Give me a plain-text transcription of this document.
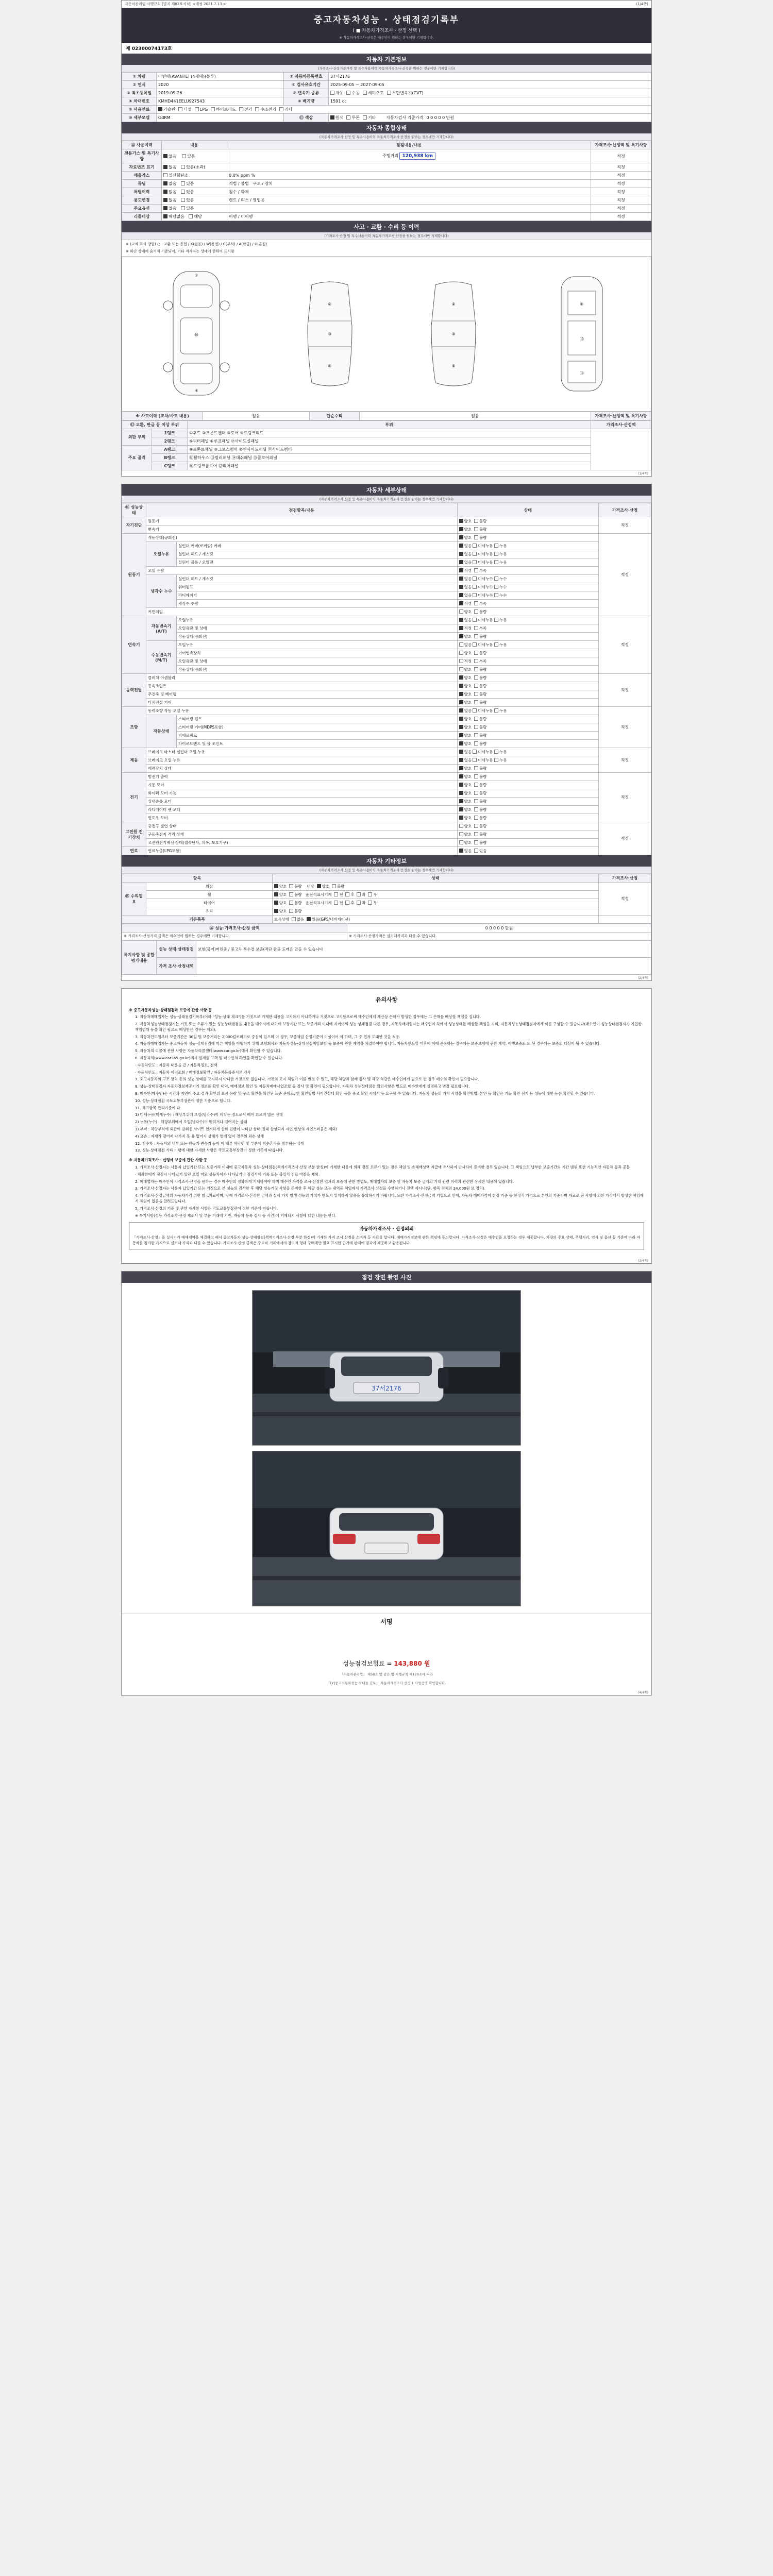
자동차관리법 시행규칙 [별지 제82호서식] <개정 2021.7.13.>	(1/4쪽)
중고자동차성능 · 상태점검기록부
( ■ 자동차가격조사 · 산정 선택 )
※ 자동차가격조사·산정은 매수인이 원하는 경우에만 기재합니다.
제 02300074173호
자동차 기본정보
(가격조사·산정기준가격 및 특수사용이력 자동차가격조사·산정을 원하는 경우에만 기재합니다)
① 차명	아반떼(AVANTE) (4세대)(블루)	② 자동차등록번호	37서2176
② 연식	2020	⑥ 검사유효기간	2025-09-05 ~ 2027-09-05
③ 최초등록일	2019-09-26	⑦ 변속기 종류	자동 수동 세미오토 무단변속기(CVT)

④ 차대번호	KMHD441EELU927543	⑧ 배기량	1591 cc
⑤ 사용연료	가솔린	디젤	LPG	하이브리드	전기	수소전기	기타

⑩ 세부모델	GdRM	⑪ 색상	원색 투톤 기타 자동차검사 기준가격 0 0 0 0 0 만원
자동차 종합상태
(자동차가격조사·산정 및 특수사용이력 자동차가격조사·산정을 원하는 경우에만 기재합니다)
⑫ 사용이력	내용	점검내용/내용	가격조사·산정액 및 특기사항
전용가스 및 특기사항	없음 있음	주행거리 120,938 km	적정
자료변조 표기	없음 있음(초과)		적정
배출가스	일산화탄소	0.0% ppm %	적정
튜닝	없음 있음	적법 / 불법 구조 / 장치	적정
특별이력	없음 있음	침수 / 화재	적정
용도변경	없음 있음	렌트 / 리스 / 영업용	적정
주요옵션	없음 있음		적정
리콜대상	해당없음 해당	이행 / 미이행	적정
사고 · 교환 · 수리 등 이력
(가격조사·산정 및 특수사용이력 자동차가격조사·산정을 원하는 경우에만 기재합니다)
※ (교체 표시 방법) ○ : 교환 또는 용접 / X(없음) / W(용접) / C(부식) / A(판금) / U(흠집)
※ 하단 상태에 숨겨져 기준되어, 기타 격사자는 상태에 한하여 표시함
①
⑩
④
②
③
⑤
②
③
⑤
⑧
⑮
⑯
※ 사고이력 (교차/사고 내용)	없음	단순수리	없음	가격조사·산정액 및 특기사항
⑬ 교환, 판금 등 이상 부위		부위	가격조사·산정액
외판 부위	1랭크	①후드 ②프론트펜더 ③도어 ④트렁크리드	
	2랭크	⑤쿼터패널 ⑥루프패널 ⑦사이드실패널	
주요 골격	A랭크	⑧프론트패널 ⑨크로스멤버 ⑩인사이드패널 ⑪사이드멤버	
	B랭크	⑫휠하우스 ⑬필러패널 ⑭대쉬패널 ⑮플로어패널	
	C랭크	⑯트렁크플로어 ⑰리어패널	
(1/4쪽)
자동차 세부상태
(자동차가격조사·산정 및 특수사용이력 자동차가격조사·산정을 원하는 경우에만 기재합니다)
⑭ 성능상태	점검항목/내용		상태	가격조사·산정
자기진단	원동기		양호 불량	적정
	변속기		양호 불량	
원동기	작동상태(공회전)		양호 불량	적정
	오일누유	실린더 커버(로커암) 커버	없음 미세누유 누유	
		실린더 헤드 / 개스킷	없음 미세누유 누유	
		실린더 블록 / 오일팬	없음 미세누유 누유	
	오일 유량		적정 부족	
	냉각수 누수	실린더 헤드 / 개스킷	없음 미세누수 누수	
		워터펌프	없음 미세누수 누수	
		라디에이터	없음 미세누수 누수	
		냉각수 수량	적정 부족	
	커먼레일		양호 불량	
변속기	자동변속기 (A/T)	오일누유	없음 미세누유 누유	적정
		오일유량 및 상태	적정 부족	
		작동상태(공회전)	양호 불량	
	수동변속기 (M/T)	오일누유	없음 미세누유 누유	
		기어변속장치	양호 불량	
		오일유량 및 상태	적정 부족	
		작동상태(공회전)	양호 불량	
동력전달	클러치 어셈블리		양호 불량	적정
	등속조인트		양호 불량	
	추진축 및 베어링		양호 불량	
	디퍼렌셜 기어		양호 불량	
조향	동력조향 작동 오일 누유		없음 미세누유 누유	적정
	작동상태	스티어링 펌프	양호 불량	
		스티어링 기어(MDPS포함)	양호 불량	
		피에르링크	양호 불량	
		타이로드엔드 및 볼 조인트	양호 불량	
제동	브레이크 마스터 실린더 오일 누유		없음 미세누유 누유	적정
	브레이크 오일 누유		없음 미세누유 누유	
	배력장치 상태		양호 불량	
전기	발전기 출력		양호 불량	적정
	시동 모터		양호 불량	
	와이퍼 모터 기능		양호 불량	
	실내송풍 모터		양호 불량	
	라디에이터 팬 모터		양호 불량	
	윈도우 모터		양호 불량	
고전원 전기장치	충전구 절연 상태		양호 불량	적정
	구동축전지 격리 상태		양호 불량	
	고전원전기배선 상태(접속단자, 피복, 보호기구)		양호 불량	
연료	연료누출(LPG포함)		없음 있음	
자동차 기타정보
(자동차가격조사·산정 및 특수사용이력 자동차가격조사·산정을 원하는 경우에만 기재합니다)
항목		상태	가격조사·산정
⑮ 수리필요	외장	양호 불량 내장 양호 불량	적정
	휠	양호 불량 운전석표시기계 전 후 좌 우	
	타이어	양호 불량 운전석표시기계 전 후 좌 우	
	유리	양호 불량	
기본품목		보유상태 없음 있음(GPS/내비게이션)	
⑯ 성능·가격조사·산정 금액	0 0 0 0 0 만원
※ 가격조사·산정가격 금액은 매수인이 원하는 경우에만 기재합니다.	※ 가격조사·산정가액은 실거래가격과 다를 수 있습니다.
특기사항 및 종합평가내용	성능 상태·상태점검	보험(물어)버린중 / 중고차 특수결 보증(적단 완공 도래은 만들 수 있습니다
	가격 조사·산정내역	
(2/4쪽)
유의사항

※ 중고자동차성능·상태점검과 보증에 관한 사항 등

1. 자동차매매업자는 성능·상태점검기록부(이하 "성능·상태 체크")를 거짓으로 기재한 내용을 고지하지 아니하거나 거짓으로 고지할으로써 매수인에게 재산상 손해가 발생한 경우에는 그 손해를 배상할 책임을 집니다.

2. 자동차성능상태점검기는 거짓 또는 오류가 있는 성능상태점검을 내용을 매수자에 대하여 보장기간 또는 보증거리 이내에 지켜야의 성능·상태점검 다른 경우, 자동차매매업자는 매수인이 차에서 성능상태를 배상할 책임을 지며, 자동차성능상태점검자에게 이를 구상할 수 있습니다(매수인이 성능상태점검자가 기업한 책임범위 등을 확인 필요로 배상받은 경우는 제외).

3. 자동차인도일부터 보증기간은 30일 및 보증거리는 2,000킬로미터로 중심이 있으며 이 경우, 보증책임 산정기준이 이상이어 야 하며, 그 중 먼저 도래한 것을 적용.

4. 자동차매매업자는 중고자동차 성능·상태점검에 따른 책임을 이행하기 위해 보험회사와 자동차성능·상태점검책임보험 등 보증에 관한 계약을 체결하여야 합니다. 자동차인도일 이후에 이에 준용하는 경우에는 보증보험에 관한 계약, 이행보증도 또 된 경우에는 보증의 대상이 될 수 있습니다.

5. 자동차의 리콜에 관한 사항은 자동차리콜센터(www.car.go.kr)에서 확인할 수 있습니다.

6. 자동차의(www.car365.go.kr)에서 실제품 고객 및 매수인의 확인을 확인할 수 있습니다.

· 자동차인도 : 자동차 내용을 같 / 자동차정보, 검색

· 자동차인도 : 자동차 이력조회 / 매매정보확인 / 자동차등록증서류 검사

7. 중고자동차의 구조·장치 동의 성능·상태를 고지하지 아니한 거짓으로 없습니다. 거짓의 고지 책임가 이를 변경 수 있고, 해당 차량과 함께 검사 및 해당 차량은 매수인에게 필요로 한 경우 매수의 확인이 필요합니다.

8. 성능·상태점검자 자동차정보제공기기 정보를 확인 내역, 매매정보 확인 및 자동차매매사업조합 등 검사 및 확인이 필요합니다. 자동차 성능상태점검 확인사항은 별도로 매수인에게 설명하고 변경 필요합니다.

9. 매수인(매수인)은 시간과 지연이 주요 결과 확인의 표시·용량 및 구조 확인을 확인된 표준 준비로, 한 확인방법 사이건상태 확인 등을 중고 확인 시에서 등 요구할 수 있습니다. 자동차 성능의 가치 사양을 확인방법, 본인 등 확인은 기능 확인 전기 등 성능에 대한 등은 확인할 수 있습니다.

10. 성능·상태점검 국토교통부장관이 정한 기준으로 합니다.

11. 체크항목 관리기준에 다

1) 미세누유(미세누수) : 해당부위에 오일(냉각수)이 비치는 정도로서 베이 흐르지 않은 상태

2) 누유(누수) : 해당부위에서 오일(냉각수)이 맺히거나 떨어지는 상태

3) 부식 : 차량부식에 외관이 감춰진 사이트 현저하게 산화 진행이 나타난 상태(절대 산상되지 자연 현상의 자연스러움은 제외)

4) 요손 : 자재가 떨어져 나가지 못 유 없어지 상태가 별에 없이 경우의 외손 상태

12. 침수차 : 자동차의 내부 또는 원동기·변속기 등이 이 내부 바닥면 및 부분에 침수흔적을 침투하는 상태

13. 성능·상태점검 기타 이행에 대한 자세한 사항은 국토교통부장관이 정한 기준에 따릅니다.

※ 자동차가격조사 · 산정에 보증에 관한 사항 등

1. 가격조사·산정자는 사용자 납입기간 또는 보증거리 이내에 중고자동차 성능·상태점검(책에기격조사·산정 부분 한정)에 기재한 내용에 의해 잘못 오류가 있는 경우 책임 및 손해배상액 지급에 유사하여 반사하여 준비한 경우 있습니다. 그 책임으로 납부한 보증기간의 기간 범위 또한 기능적인 자동차 등과 공통

· 계좌한에게 점검시 나타났기 있던 오일 마모 성능차이가 나타났거나 점검서에 기록 또는 불일치 진료 마찰을 제외.

2. 매매업자는 매수인이 가격조사·산정을 원하는 경우 매수인의 정확하게 기재하여야 하며 매수인 가격을 조사·산정한 결과의 보증에 관한 방법도, 매매업자의 보증 및 자동차 보증 금액의 거래 관련 이력과 관련한 상세한 내용이 있습니다.

3. 가격조사·산정자는 사용자 납입기간 또는 거짓으로 본 성능의 검사한 후 해당 성능거짓 사항을 준비한 후 해당 성능 또는 내역등 책임에서 가격조사·산정을 수행하거나 전액 제시나(단, 항목 전체의 24,000원 보 정리).

4. 가격조사·산정금액의 자동차가격 위한 참고자료이며, 당해 가격조사·산정한 금액과 실제 가치 발생 성능의 가치가 반드시 일치하지 않음을 유의하시기 바랍니다. 또한 가격조사·산정금액 기입으로 인해, 자동차 매매가격이 한정 기준 등 한정적 가격으로 본인의 기준이며 자료로 된 사항에 의한 가격에서 발생한 책임에서 책임이 없음을 알려드립니다.

5. 가격조사·산정의 기준 및 관한 자세한 사항은 국토교통부장관이 정한 기준에 따릅니다.

※ 특기사항(성능 가격조사·산정 제조사 및 부품 거래에 기반, 자동차 등록 검사 등 사건)에 기재되지 사항에 대한 내용은 한다.

자동차가격조사 · 산정의뢰
「가격조사·산정」을 실시기가 매매계약을 체결하고 해서 중고자동차 성능·상태점검(책에기격조사·산정 부분 한정)에 기재한 가격 조사·산정을 소비자 등 자료를 합니다. 매매가격정보에 관한 책임에 동의합니다. 가격조사·산정은 매수인을 요청하는 경우 제공합니다. 차량의 주요 상태, 주행거리, 연식 및 옵션 등 기준에 따라 자동차를 평가한 가격으로 실거래 가격과 다를 수 있습니다. 가격조사·산정 금액은 중고차 거래에서의 참고적 형태 구매에만 필요 표시한 근거에 관계에 결과에 제공하고 활용됩니다.
(3/4쪽)
점검 장면 촬영 사진
37서2176
서명
성능점검보험료 = 143,880 원
「자동차관리법」 제58조 및 같은 법 시행규칙 제120조에 따라
「[Y]중고자동차성능·상태를 검토」 자동차가격조사·산정 1 사업증명 확인합니다.
(4/4쪽)
